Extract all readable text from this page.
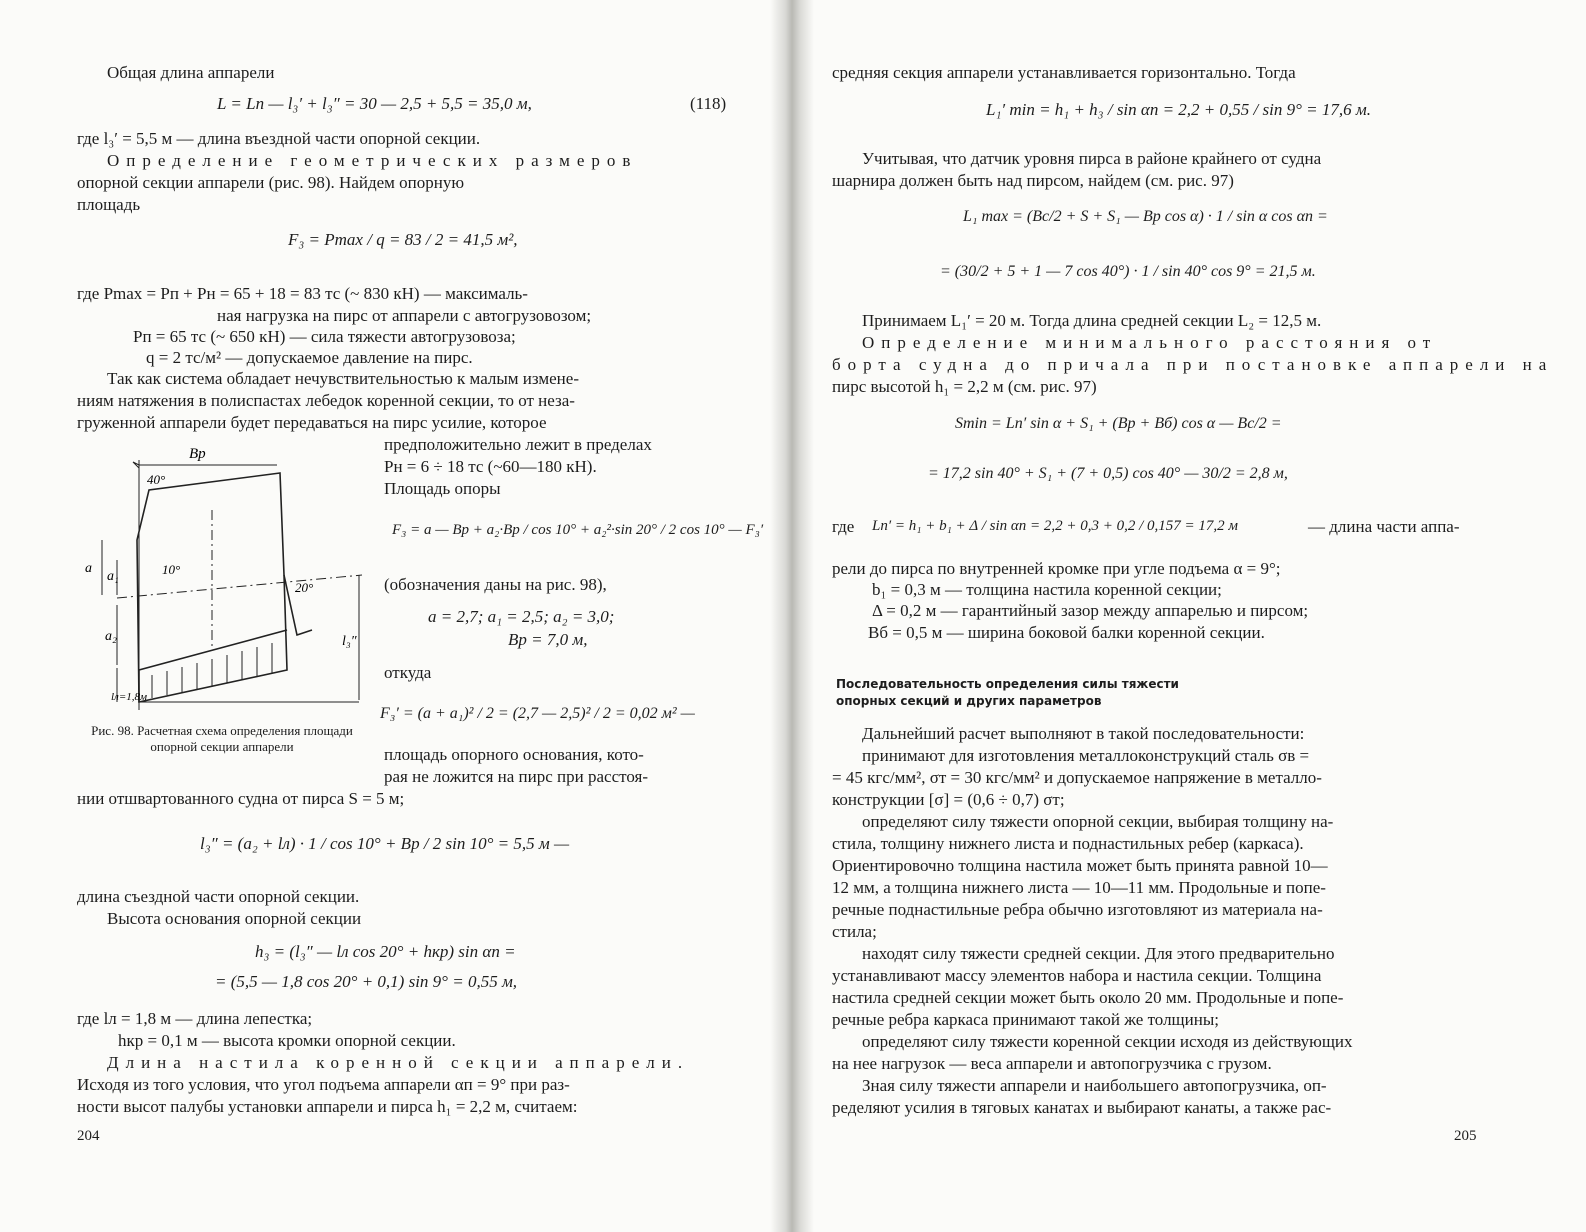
Общая длина аппарели
L = Lп — l₃′ + l₃″ = 30 — 2,5 + 5,5 = 35,0 м,	(118)
где l₃′ = 5,5 м — длина въездной части опорной секции.
Определение геометрических размеров
опорной секции аппарели (рис. 98). Найдем опорную
площадь
F₃ = Pmax / q = 83 / 2 = 41,5 м²,
где Pmax = Pп + Pн = 65 + 18 = 83 тс (~ 830 кН) — максималь-
ная нагрузка на пирс от аппарели с автогрузовозом;
Pп = 65 тс (~ 650 кН) — сила тяжести автогрузовоза;
q = 2 тс/м² — допускаемое давление на пирс.
Так как система обладает нечувствительностью к малым измене-
ниям натяжения в полиспастах лебедок коренной секции, то от неза-
груженной аппарели будет передаваться на пирс усилие, которое
предположительно лежит в пределах
Pн = 6 ÷ 18 тс (~60—180 кН).
Площадь опоры
F₃ = a — Bр + a₂·Bр / cos 10° + a₂²·sin 20° / 2 cos 10° — F₃′
(обозначения даны на рис. 98),
a = 2,7; a₁ = 2,5; a₂ = 3,0;
Bр = 7,0 м,
откуда
F₃′ = (a + a₁)² / 2 = (2,7 — 2,5)² / 2 = 0,02 м² —
Bр
40°
10°
20°
a
a₁
a₂
lл=1,8м
l₃″
Рис. 98. Расчетная схема определения площади опорной секции аппарели	площадь опорного основания, кото-
рая не ложится на пирс при расстоя-
нии отшвартованного судна от пирса S = 5 м;
l₃″ = (a₂ + lл) · 1 / cos 10° + Bр / 2 sin 10° = 5,5 м —
длина съездной части опорной секции.
Высота основания опорной секции
h₃ = (l₃″ — lл cos 20° + hкр) sin αп =
= (5,5 — 1,8 cos 20° + 0,1) sin 9° = 0,55 м,
где lл = 1,8 м — длина лепестка;
hкр = 0,1 м — высота кромки опорной секции.
Длина настила коренной секции аппарели.
Исходя из того условия, что угол подъема аппарели αп = 9° при раз-
ности высот палубы установки аппарели и пирса h₁ = 2,2 м, считаем:
204
средняя секция аппарели устанавливается горизонтально. Тогда
L₁′ min = h₁ + h₃ / sin αп = 2,2 + 0,55 / sin 9° = 17,6 м.
Учитывая, что датчик уровня пирса в районе крайнего от судна
шарнира должен быть над пирсом, найдем (см. рис. 97)
L₁ max = (Bс/2 + S + S₁ — Bр cos α) · 1 / sin α cos αп =
= (30/2 + 5 + 1 — 7 cos 40°) · 1 / sin 40° cos 9° = 21,5 м.
Принимаем L₁′ = 20 м. Тогда длина средней секции L₂ = 12,5 м.
Определение минимального расстояния от
борта судна до причала при постановке аппарели на
пирс высотой h₁ = 2,2 м (см. рис. 97)
Smin = Lп′ sin α + S₁ + (Bр + Bб) cos α — Bс/2 =
= 17,2 sin 40° + S₁ + (7 + 0,5) cos 40° — 30/2 = 2,8 м,
где Lп′ = h₁ + b₁ + Δ / sin αп = 2,2 + 0,3 + 0,2 / 0,157 = 17,2 м	— длина части аппа-
рели до пирса по внутренней кромке при угле подъема α = 9°;
b₁ = 0,3 м — толщина настила коренной секции;
Δ = 0,2 м — гарантийный зазор между аппарелью и пирсом;
Bб = 0,5 м — ширина боковой балки коренной секции.
Последовательность определения силы тяжести
опорных секций и других параметров
Дальнейший расчет выполняют в такой последовательности:
принимают для изготовления металлоконструкций сталь σв =
= 45 кгс/мм², σт = 30 кгс/мм² и допускаемое напряжение в металло-
конструкции [σ] = (0,6 ÷ 0,7) σт;
определяют силу тяжести опорной секции, выбирая толщину на-
стила, толщину нижнего листа и поднастильных ребер (каркаса).
Ориентировочно толщина настила может быть принята равной 10—
12 мм, а толщина нижнего листа — 10—11 мм. Продольные и попе-
речные поднастильные ребра обычно изготовляют из материала на-
стила;
находят силу тяжести средней секции. Для этого предварительно
устанавливают массу элементов набора и настила секции. Толщина
настила средней секции может быть около 20 мм. Продольные и попе-
речные ребра каркаса принимают такой же толщины;
определяют силу тяжести коренной секции исходя из действующих
на нее нагрузок — веса аппарели и автопогрузчика с грузом.
Зная силу тяжести аппарели и наибольшего автопогрузчика, оп-
ределяют усилия в тяговых канатах и выбирают канаты, а также рас-
205
